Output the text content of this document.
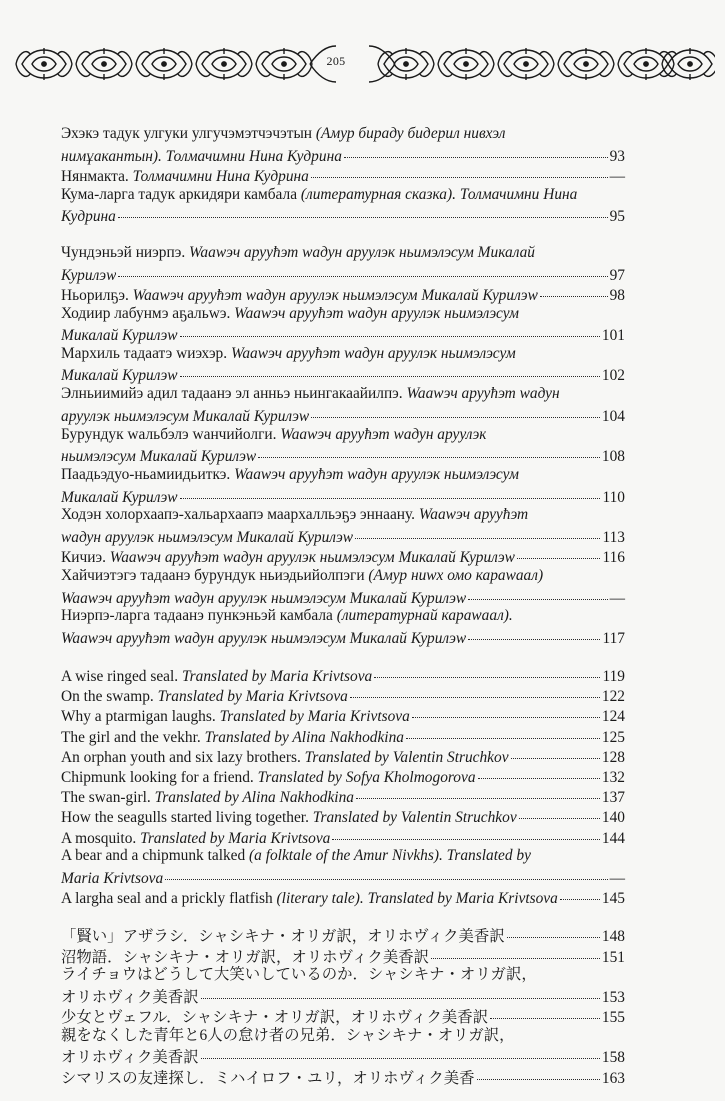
205
Эхэкэ тадук улгуки улгучэмэтчэчэтын (Амур бираду бидерил нивхэл
нимұакантын). Толмачимни Нина Кудрина	93
Нянмакта. Толмачимни Нина Кудрина	—
Кума-ларга тадук аркидяри камбала (литературная сказка). Толмачимни Нина
Кудрина	95
Чундэньэй ниэрпэ. Waawэч аруућэт wадун аруулэк ньимэлэсум Микалай
Курилэw	97
Ньорилҕэ. Waawэч аруућэт wадун аруулэк ньимэлэсум Микалай Курилэw	98
Ходиир лабунмэ аҕальwэ. Waawэч аруућэт wадун аруулэк ньимэлэсум
Микалай Курилэw	101
Мархиль тадаатэ wиэхэр. Waawэч аруућэт wадун аруулэк ньимэлэсум
Микалай Курилэw	102
Элньиимийэ адил тадаанэ эл анньэ ньингакаайилпэ. Waawэч аруућэт wадун
аруулэк ньимэлэсум Микалай Курилэw	104
Бурундук wальбэлэ wанчийолги. Waawэч аруућэт wадун аруулэк
ньимэлэсум Микалай Курилэw	108
Паадьэдуо-ньамиидьиткэ. Waawэч аруућэт wадун аруулэк ньимэлэсум
Микалай Курилэw	110
Ходэн холорхаапэ-хальархаапэ маархалльэҕэ эннаану. Waawэч аруућэт
wадун аруулэк ньимэлэсум Микалай Курилэw	113
Кичиэ. Waawэч аруућэт wадун аруулэк ньимэлэсум Микалай Курилэw	116
Хайчиэтэгэ тадаанэ бурундук ньиэдьийолпэги (Амур ниwх омо карawаал)
Waawэч аруућэт wадун аруулэк ньимэлэсум Микалай Курилэw	—
Ниэрпэ-ларга тадаанэ пункэньэй камбала (литературнай карawаал).
Waawэч аруућэт wадун аруулэк ньимэлэсум Микалай Курилэw	117
A wise ringed seal. Translated by Maria Krivtsova	119
On the swamp. Translated by Maria Krivtsova	122
Why a ptarmigan laughs. Translated by Maria Krivtsova	124
The girl and the vekhr. Translated by Alina Nakhodkina	125
An orphan youth and six lazy brothers. Translated by Valentin Struchkov	128
Chipmunk looking for a friend. Translated by Sofya Kholmogorova	132
The swan-girl. Translated by Alina Nakhodkina	137
How the seagulls started living together. Translated by Valentin Struchkov	140
A mosquito. Translated by Maria Krivtsova	144
A bear and a chipmunk talked (a folktale of the Amur Nivkhs). Translated by
Maria Krivtsova	—
A largha seal and a prickly flatfish (literary tale). Translated by Maria Krivtsova	145
「賢い」アザラシ．シャシキナ・オリガ訳，オリホヴィク美香訳	148
沼物語．シャシキナ・オリガ訳，オリホヴィク美香訳	151
ライチョウはどうして大笑いしているのか．シャシキナ・オリガ訳，
オリホヴィク美香訳	153
少女とヴェフル．シャシキナ・オリガ訳，オリホヴィク美香訳	155
親をなくした青年と6人の怠け者の兄弟．シャシキナ・オリガ訳，
オリホヴィク美香訳	158
シマリスの友達探し．ミハイロフ・ユリ，オリホヴィク美香	163
